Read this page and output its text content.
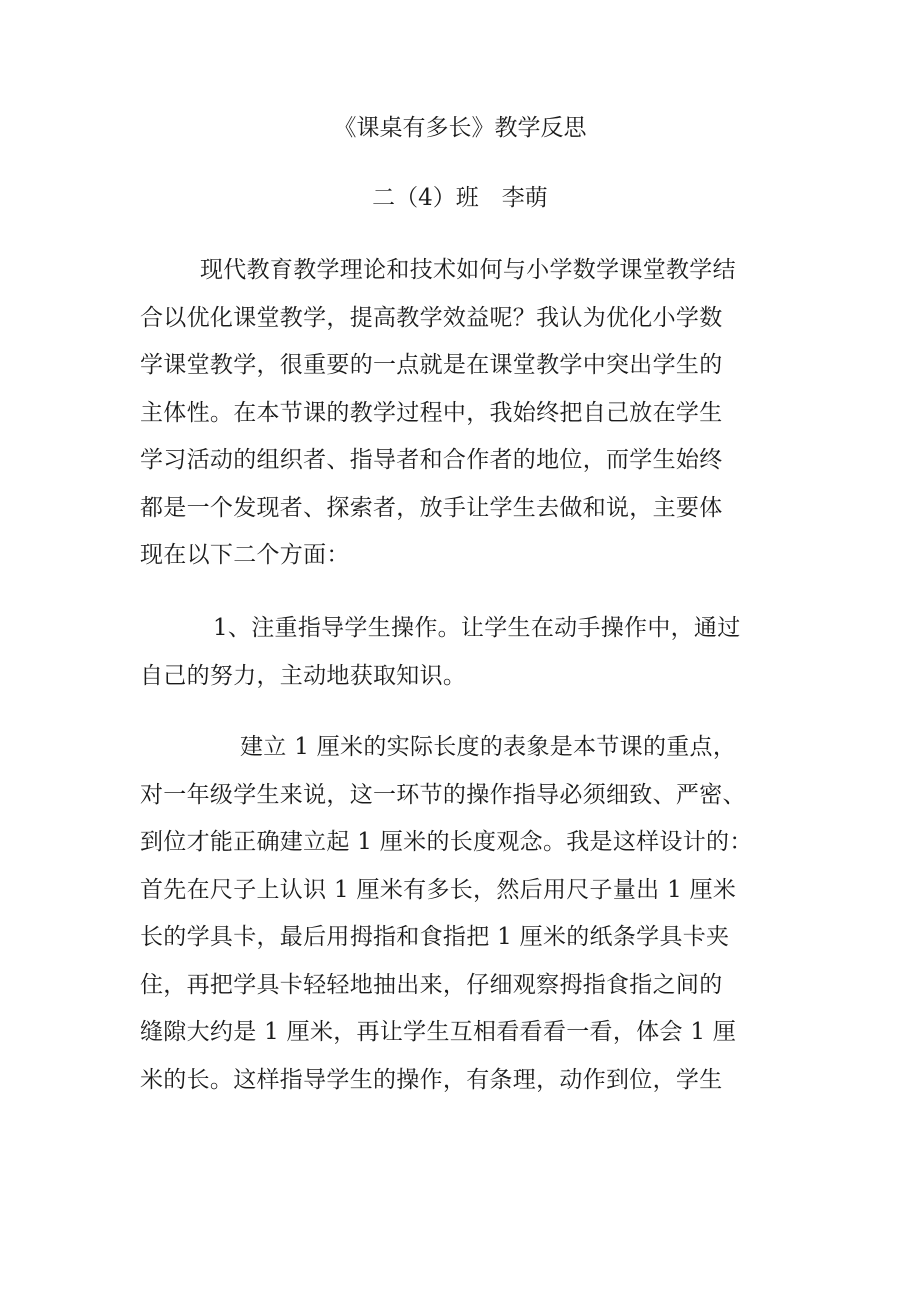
《课桌有多长》教学反思
二（4）班　李萌
现代教育教学理论和技术如何与小学数学课堂教学结
合以优化课堂教学，提高教学效益呢？我认为优化小学数
学课堂教学，很重要的一点就是在课堂教学中突出学生的
主体性。在本节课的教学过程中，我始终把自己放在学生
学习活动的组织者、指导者和合作者的地位，而学生始终
都是一个发现者、探索者，放手让学生去做和说，主要体
现在以下二个方面：
1、注重指导学生操作。让学生在动手操作中，通过
自己的努力，主动地获取知识。
建立 1 厘米的实际长度的表象是本节课的重点，
对一年级学生来说，这一环节的操作指导必须细致、严密、
到位才能正确建立起 1 厘米的长度观念。我是这样设计的：
首先在尺子上认识 1 厘米有多长，然后用尺子量出 1 厘米
长的学具卡，最后用拇指和食指把 1 厘米的纸条学具卡夹
住，再把学具卡轻轻地抽出来，仔细观察拇指食指之间的
缝隙大约是 1 厘米，再让学生互相看看看一看，体会 1 厘
米的长。这样指导学生的操作，有条理，动作到位，学生
